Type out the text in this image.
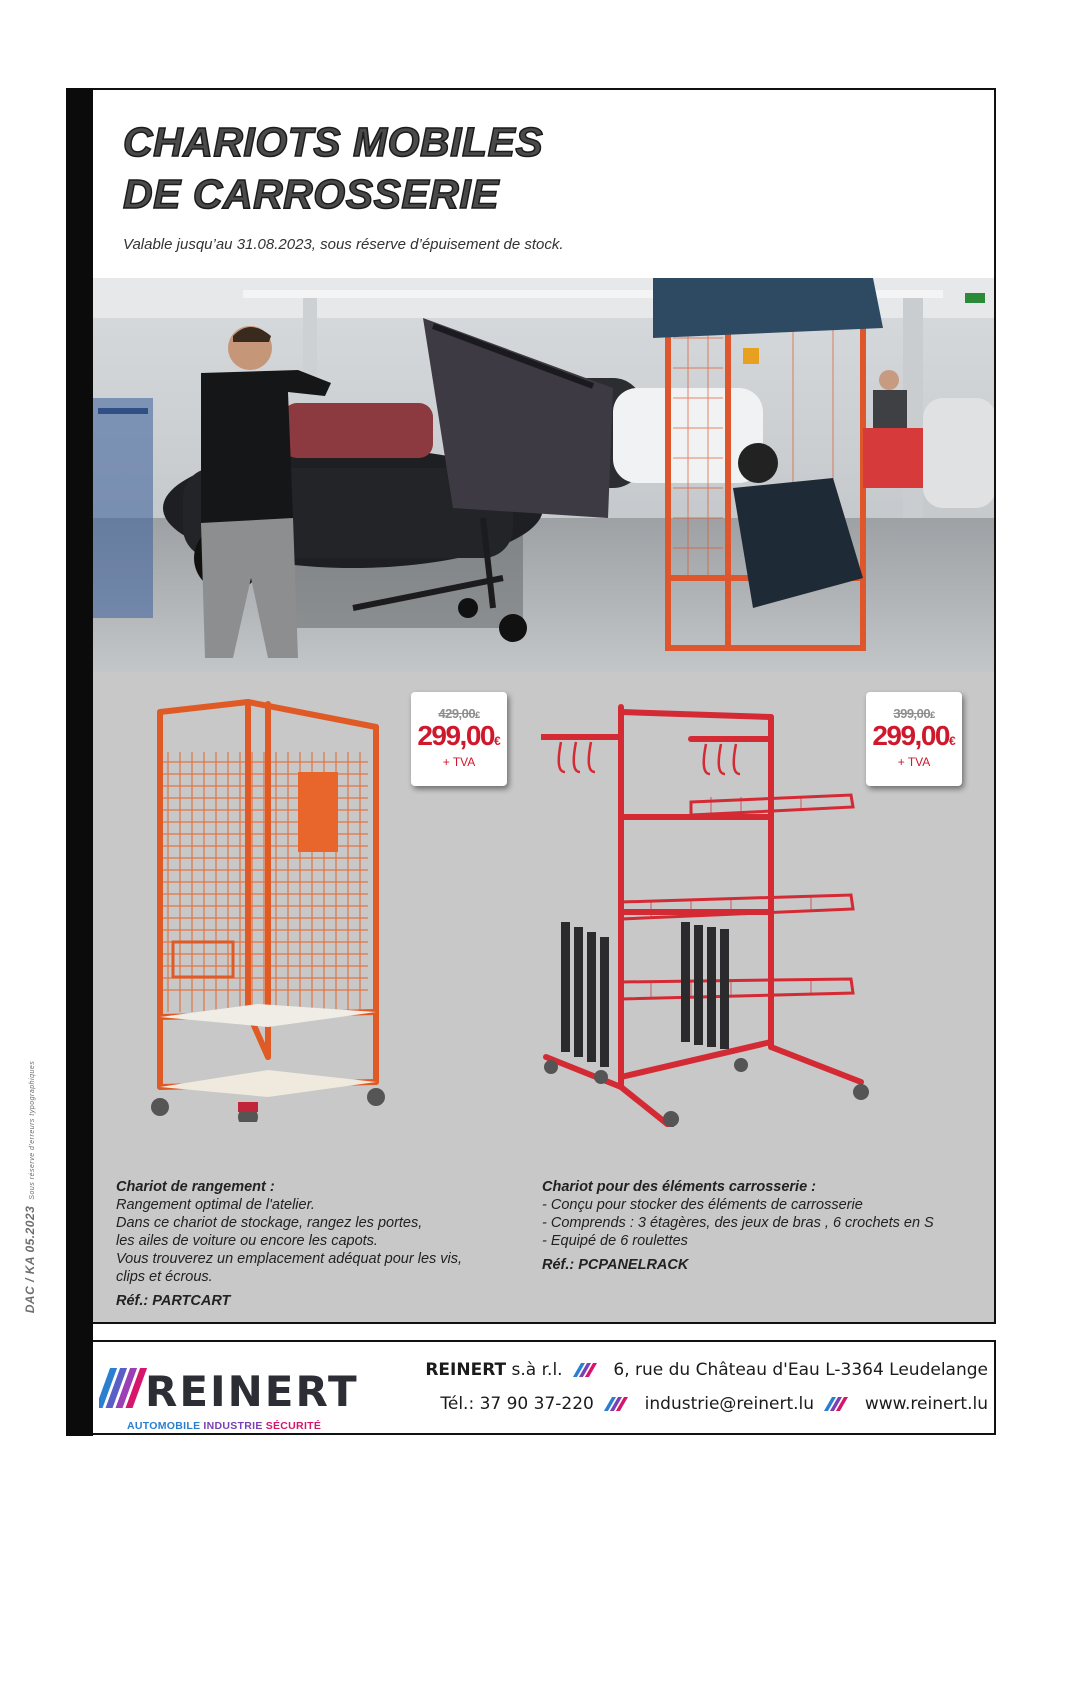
DAC / KA 05.2023Sous réserve d'erreurs typographiques
CHARIOTS MOBILES
DE CARROSSERIE

Valable jusqu’au 31.08.2023, sous réserve d’épuisement de stock.

429,00€
299,00€
+ TVA
399,00€
299,00€
+ TVA
Chariot de rangement :
Rangement optimal de l'atelier.
Dans ce chariot de stockage, rangez les portes,
les ailes de voiture ou encore les capots.
Vous trouverez un emplacement adéquat pour les vis,
clips et écrous.
Réf.: PARTCART
Chariot pour des éléments carrosserie :
- Conçu pour stocker des éléments de carrosserie
- Comprends : 3 étagères, des jeux de bras , 6 crochets en S
- Equipé de 6 roulettes
Réf.: PCPANELRACK
REINERT
AUTOMOBILE INDUSTRIE SÉCURITÉ
REINERT s.à r.l.	6, rue du Château d'Eau L-3364 Leudelange
Tél.: 37 90 37-220	industrie@reinert.lu	www.reinert.lu
